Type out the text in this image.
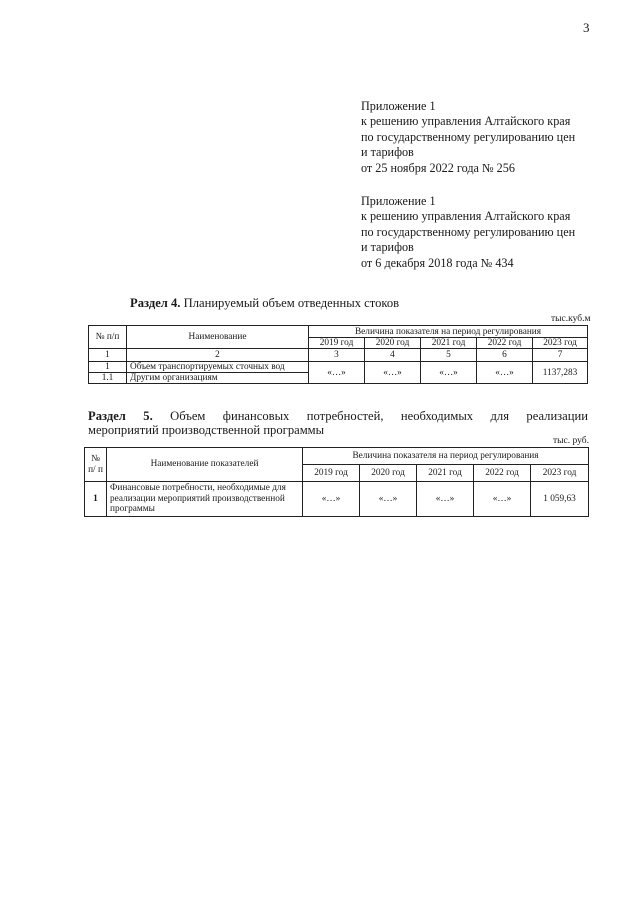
3
Приложение 1
к решению управления Алтайского края
по государственному регулированию цен
и тарифов
от 25 ноября 2022 года № 256
Приложение 1
к решению управления Алтайского края
по государственному регулированию цен
и тарифов
от 6 декабря 2018 года № 434
Раздел 4. Планируемый объем отведенных стоков
тыс.куб.м
№ п/п	Наименование	Величина показателя на период регулирования				
		2019 год	2020 год	2021 год	2022 год	2023 год
1	2	3	4	5	6	7
1	Объем транспортируемых сточных вод	«…»	«…»	«…»	«…»	1137,283
1.1	Другим организациям					
Раздел 5. Объем финансовых потребностей, необходимых для реализации
мероприятий производственной программы
тыс. руб.
№ п/ п	Наименование показателей	Величина показателя на период регулирования				
		2019 год	2020 год	2021 год	2022 год	2023 год
1	Финансовые потребности, необходимые для реализации мероприятий производственной программы	«…»	«…»	«…»	«…»	1 059,63
